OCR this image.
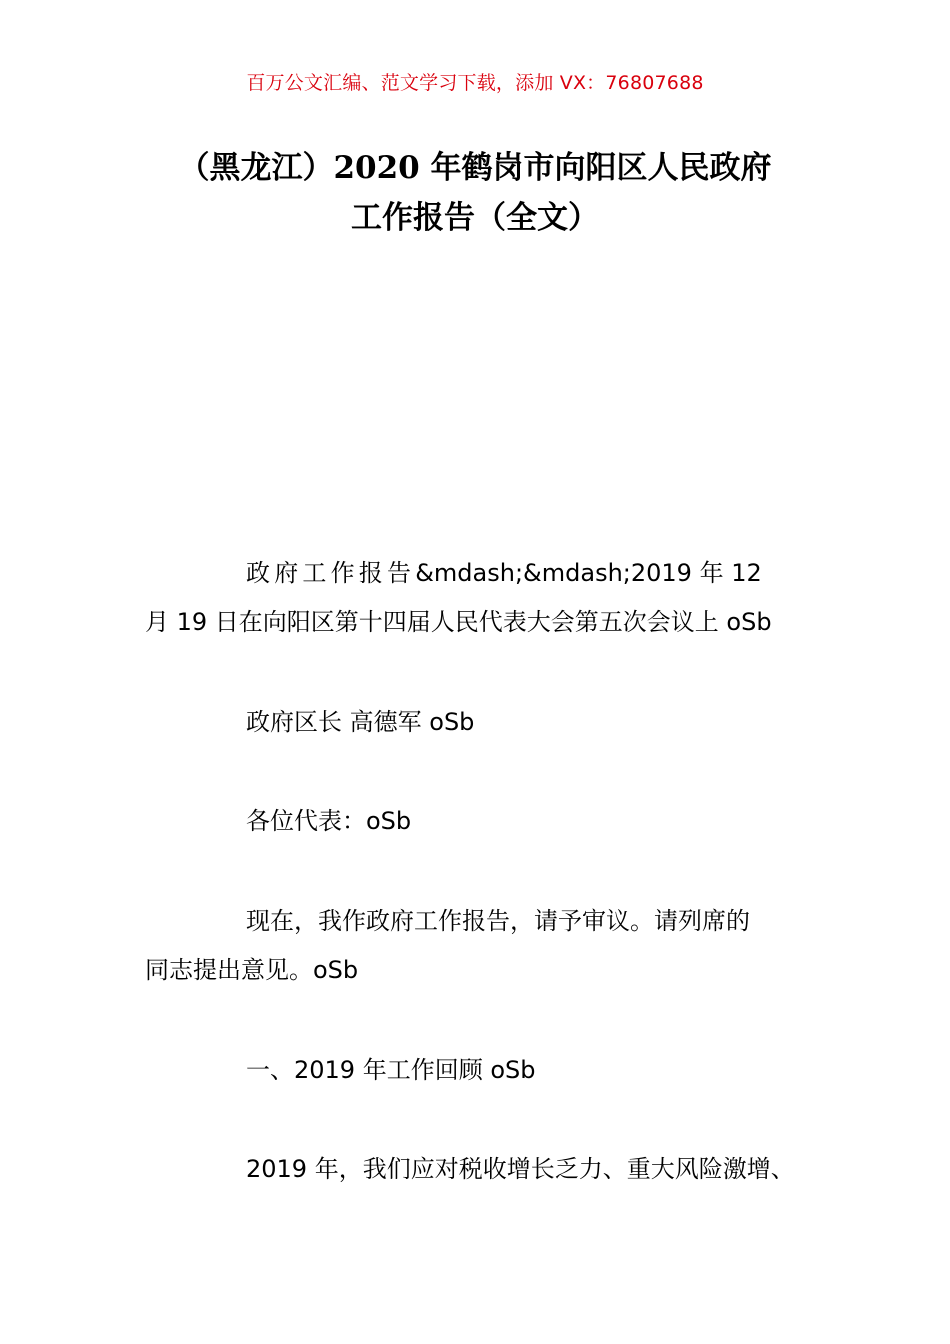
百万公文汇编、范文学习下载，添加 VX：76807688
（黑龙江）2020 年鹤岗市向阳区人民政府
工作报告（全文）
政府工作报告&mdash;&mdash;2019 年 12
月 19 日在向阳区第十四届人民代表大会第五次会议上 oSb
政府区长 高德军 oSb
各位代表：oSb
现在，我作政府工作报告，请予审议。请列席的
同志提出意见。oSb
一、2019 年工作回顾 oSb
2019 年，我们应对税收增长乏力、重大风险激增、
